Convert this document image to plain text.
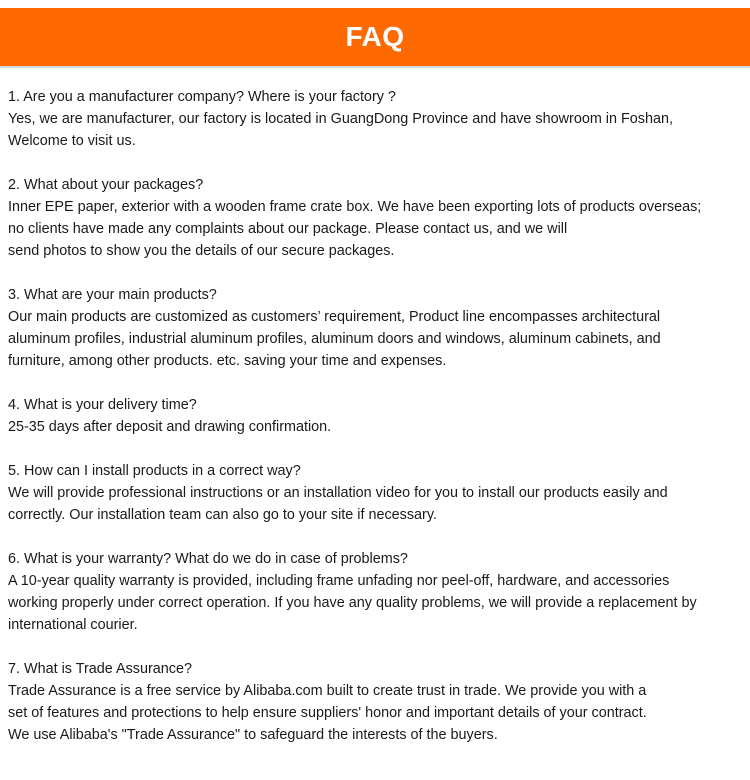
FAQ

1. Are you a manufacturer company? Where is your factory ?

Yes, we are manufacturer, our factory is located in GuangDong Province and have showroom in Foshan,

Welcome to visit us.

2. What about your packages?

Inner EPE paper, exterior with a wooden frame crate box. We have been exporting lots of products overseas;

no clients have made any complaints about our package. Please contact us, and we will

send photos to show you the details of our secure packages.

3. What are your main products?

Our main products are customized as customers’ requirement, Product line encompasses architectural

aluminum profiles, industrial aluminum profiles, aluminum doors and windows, aluminum cabinets, and

furniture, among other products. etc. saving your time and expenses.

4. What is your delivery time?

25-35 days after deposit and drawing confirmation.

5. How can I install products in a correct way?

We will provide professional instructions or an installation video for you to install our products easily and

correctly. Our installation team can also go to your site if necessary.

6. What is your warranty? What do we do in case of problems?

A 10-year quality warranty is provided, including frame unfading nor peel-off, hardware, and accessories

working properly under correct operation. If you have any quality problems, we will provide a replacement by

international courier.

7. What is Trade Assurance?

Trade Assurance is a free service by Alibaba.com built to create trust in trade. We provide you with a

set of features and protections to help ensure suppliers' honor and important details of your contract.

We use Alibaba's "Trade Assurance" to safeguard the interests of the buyers.
